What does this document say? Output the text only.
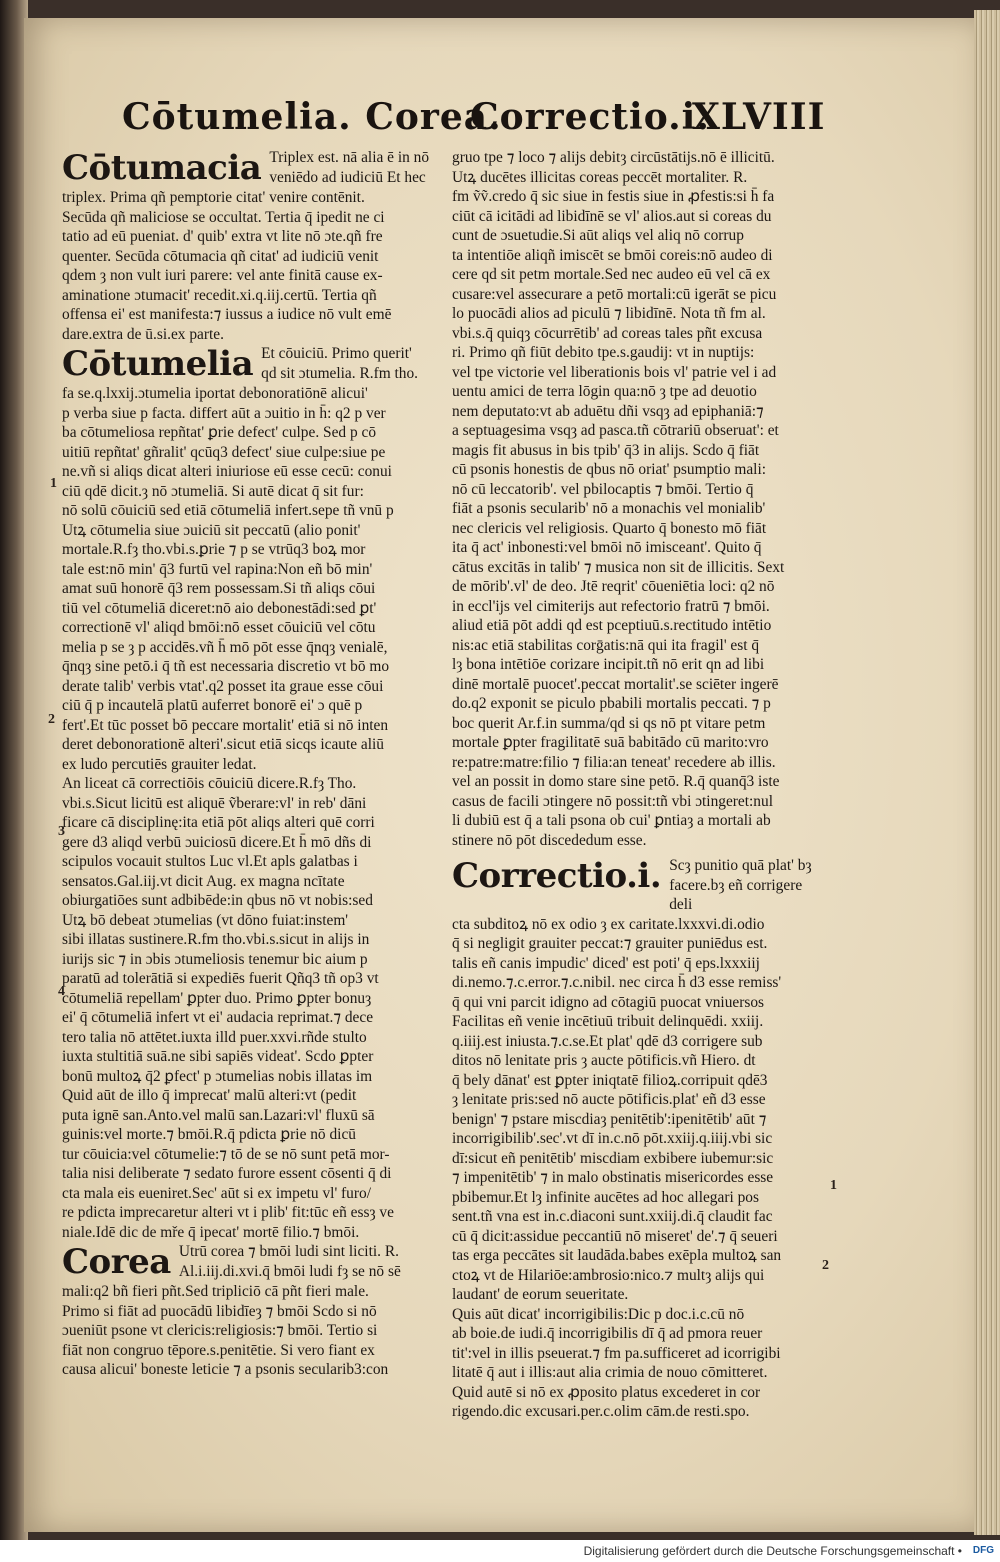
Cōtumelia. Corea.
Correctio.i.
XLVIII
Cōtumacia Triplex est. nā alia ē in nō
veniēdo ad iudiciū Et hec

triplex. Prima qñ pemptorie citat' venire contēnit.

Secūda qñ maliciose se occultat. Tertia q̄ ipedit ne ci

tatio ad eū pueniat. d' quib' extra vt lite nō ɔte.qñ fre

quenter. Secūda cōtumacia qñ citat' ad iudiciū venit

qdem ȝ non vult iuri parere: vel ante finitā cause ex-

aminatione ɔtumacit' recedit.xi.q.iij.certū. Tertia qñ

offensa ei' est manifesta:⁊ iussus a iudice nō vult emē

dare.extra de ū.si.ex parte.

Cōtumelia Et cōuiciū. Primo querit'
qd sit ɔtumelia. R.fm tho.

fa se.q.lxxij.ɔtumelia iportat debonoratiōnē alicui'

p verba siue p facta. differt aūt a ɔuitio in h̄: q2 p ver

ba cōtumeliosa repñtat' ꝑrie defect' culpe. Sed p cō

uitiū repñtat' gñralit' qcūq3 defect' siue culpe:siue pe

ne.vñ si aliqs dicat alteri iniuriose eū esse cecū: conui

ciū qdē dicit.ȝ nō ɔtumeliā. Si autē dicat q̄ sit fur:

nō solū cōuiciū sed etiā cōtumeliā infert.sepe tñ vnū p

Utꝝ cōtumelia siue ɔuiciū sit peccatū (alio ponit'

mortale.R.fȝ tho.vbi.s.ꝑrie ⁊ p se vtrūq3 boꝝ mor

tale est:nō min' q̄3 furtū vel rapina:Non eñ bō min'

amat suū honorē q̄3 rem possessam.Si tñ aliqs cōui

tiū vel cōtumeliā diceret:nō aio debonestādi:sed ꝑt'

correctionē vl' aliqd bmōi:nō esset cōuiciū vel cōtu

melia p se ȝ p accidēs.vñ h̄ mō pōt esse q̄nqȝ venialē,

q̄nqȝ sine petō.i q̄ tñ est necessaria discretio vt bō mo

derate talib' verbis vtat'.q2 posset ita graue esse cōui

ciū q̄ p incautelā platū auferret bonorē ei' ɔ quē p

fert'.Et tūc posset bō peccare mortalit' etiā si nō inten

deret debonorationē alteri'.sicut etiā sicqs icaute aliū

ex ludo percutiēs grauiter ledat.

An liceat cā correctiōis cōuiciū dicere.R.fȝ Tho.

vbi.s.Sicut licitū est aliquē ṽberare:vl' in reb' dāni

ficare cā disciplinę:ita etiā pōt aliqs alteri quē corri

gere d3 aliqd verbū ɔuiciosū dicere.Et h̄ mō dñs di

scipulos vocauit stultos Luc vl.Et apls galatbas i

sensatos.Gal.iij.vt dicit Aug. ex magna ncītate

obiurgatiōes sunt adbibēde:in qbus nō vt nobis:sed

Utꝝ bō debeat ɔtumelias (vt dōno fuiat:instem'

sibi illatas sustinere.R.fm tho.vbi.s.sicut in alijs in

iurijs sic ⁊ in ɔbis ɔtumeliosis tenemur bic aium p

paratū ad tolerātiā si expediēs fuerit Qñq3 tñ op3 vt

cōtumeliā repellam' ꝑpter duo. Primo ꝑpter bonuȝ

ei' q̄ cōtumeliā infert vt ei' audacia reprimat.⁊ dece

tero talia nō attētet.iuxta illd puer.xxvi.rñde stulto

iuxta stultitiā suā.ne sibi sapiēs videat'. Scdo ꝑpter

bonū multoꝝ q̄2 ꝑfect' p ɔtumelias nobis illatas im

Quid aūt de illo q̄ imprecat' malū alteri:vt (pedit

puta ignē san.Anto.vel malū san.Lazari:vl' fluxū sā

guinis:vel morte.⁊ bmōi.R.q̄ pdicta ꝑrie nō dicū

tur cōuicia:vel cōtumelie:⁊ tō de se nō sunt petā mor-

talia nisi deliberate ⁊ sedato furore essent cōsenti q̄ di

cta mala eis eueniret.Sec' aūt si ex impetu vl' furo/

re pdicta imprecaretur alteri vt i plib' fit:tūc eñ essȝ ve

niale.Idē dic de mře q̄ ipecat' mortē filio.⁊ bmōi.

Corea Utrū corea ⁊ bmōi ludi sint liciti. R.
Al.i.iij.di.xvi.q̄ bmōi ludi fȝ se nō sē

mali:q2 bñ fieri pñt.Sed tripliciō cā pñt fieri male.

Primo si fiāt ad puocādū libidīeȝ ⁊ bmōi Scdo si nō

ɔueniūt psone vt clericis:religiosis:⁊ bmōi. Tertio si

fiāt non congruo tēpore.s.penitētie. Si vero fiant ex

causa alicui' boneste leticie ⁊ a psonis secularib3:con

gruo tpe ⁊ loco ⁊ alijs debitȝ circūstātijs.nō ē illicitū.

Utꝝ ducētes illicitas coreas peccēt mortaliter. R.

fm ṽṽ.credo q̄ sic siue in festis siue in ꝓfestis:si h̄ fa

ciūt cā icitādi ad libidīnē se vl' alios.aut si coreas du

cunt de ɔsuetudie.Si aūt aliqs vel aliq nō corrup

ta intentiōe aliqñ imiscēt se bmōi coreis:nō audeo di

cere qd sit petm mortale.Sed nec audeo eū vel cā ex

cusare:vel assecurare a petō mortali:cū igerāt se picu

lo puocādi alios ad piculū ⁊ libidīnē. Nota tñ fm al.

vbi.s.q̄ quiqȝ cōcurrētib' ad coreas tales pñt excusa

ri. Primo qñ fiūt debito tpe.s.gaudij: vt in nuptijs:

vel tpe victorie vel liberationis bois vl' patrie vel i ad

uentu amici de terra lōgin qua:nō ȝ tpe ad deuotio

nem deputato:vt ab aduētu dñi vsqȝ ad epiphaniā:⁊

a septuagesima vsqȝ ad pasca.tñ cōtrariū obseruat': et

magis fit abusus in bis tpib' q̄3 in alijs. Scdo q̄ fiāt

cū psonis honestis de qbus nō oriat' psumptio mali:

nō cū leccatorib'. vel pbilocaptis ⁊ bmōi. Tertio q̄

fiāt a psonis secularib' nō a monachis vel monialib'

nec clericis vel religiosis. Quarto q̄ bonesto mō fiāt

ita q̄ act' inbonesti:vel bmōi nō imisceant'. Quito q̄

cātus excitās in talib' ⁊ musica non sit de illicitis. Sext

de mōrib'.vl' de deo. Jtē reqrit' cōueniētia loci: q2 nō

in eccl'ijs vel cimiterijs aut refectorio fratrū ⁊ bmōi.

aliud etiā pōt addi qd est pceptiuū.s.rectitudo intētio

nis:ac etiā stabilitas corḡatis:nā qui ita fragil' est q̄

lȝ bona intētiōe corizare incipit.tñ nō erit qn ad libi

dinē mortalē puocet'.peccat mortalit'.se sciēter ingerē

do.q2 exponit se piculo pbabili mortalis peccati. ⁊ p

boc querit Ar.f.in summa/qd si qs nō pt vitare petm

mortale ꝑpter fragilitatē suā babitādo cū marito:vro

re:patre:matre:filio ⁊ filia:an teneat' recedere ab illis.

vel an possit in domo stare sine petō. R.q̄ quanq̄3 iste

casus de facili ɔtingere nō possit:tñ vbi ɔtingeret:nul

li dubiū est q̄ a tali psona ob cui' ꝑntiaȝ a mortali ab

stinere nō pōt discededum esse.

Correctio.i. Scȝ punitio quā plat' bȝ
facere.bȝ eñ corrigere deli

cta subditoꝝ nō ex odio ȝ ex caritate.lxxxvi.di.odio

q̄ si negligit grauiter peccat:⁊ grauiter puniēdus est.

talis eñ canis impudic' diced' est poti' q̄ eps.lxxxiij

di.nemo.⁊.c.error.⁊.c.nibil. nec circa h̄ d3 esse remiss'

q̄ qui vni parcit idigno ad cōtagiū puocat vniuersos

Facilitas eñ venie incētiuū tribuit delinquēdi. xxiij.

q.iiij.est iniusta.⁊.c.se.Et plat' qdē d3 corrigere sub

ditos nō lenitate pris ȝ aucte pōtificis.vñ Hiero. dt

q̄ bely dānat' est ꝑpter iniqtatē filioꝝ.corripuit qdē3

ȝ lenitate pris:sed nō aucte pōtificis.plat' eñ d3 esse

benign' ⁊ pstare miscdiaȝ penitētib':ipenitētib' aūt ⁊

incorrigibilib'.sec'.vt dī in.c.nō pōt.xxiij.q.iiij.vbi sic

dī:sicut eñ penitētib' miscdiam exbibere iubemur:sic

⁊ impenitētib' ⁊ in malo obstinatis misericordes esse

pbibemur.Et lȝ infinite aucētes ad hoc allegari pos

sent.tñ vna est in.c.diaconi sunt.xxiij.di.q̄ claudit fac

cū q̄ dicit:assidue peccantiū nō miseret' de'.⁊ q̄ seueri

tas erga peccātes sit laudāda.babes exēpla multoꝝ san

ctoꝝ vt de Hilariōe:ambrosio:nico.⁊ multȝ alijs qui

laudant' de eorum seueritate.

Quis aūt dicat' incorrigibilis:Dic p doc.i.c.cū nō

ab boie.de iudi.q̄ incorrigibilis dī q̄ ad pmora reuer

tit':vel in illis pseuerat.⁊ fm pa.sufficeret ad icorrigibi

litatē q̄ aut i illis:aut alia crimia de nouo cōmitteret.

Quid autē si nō ex ꝓposito platus excederet in cor

rigendo.dic excusari.per.c.olim cām.de resti.spo.

1
2
3
4
1
2
Digitalisierung gefördert durch die Deutsche Forschungsgemeinschaft •	DFG
